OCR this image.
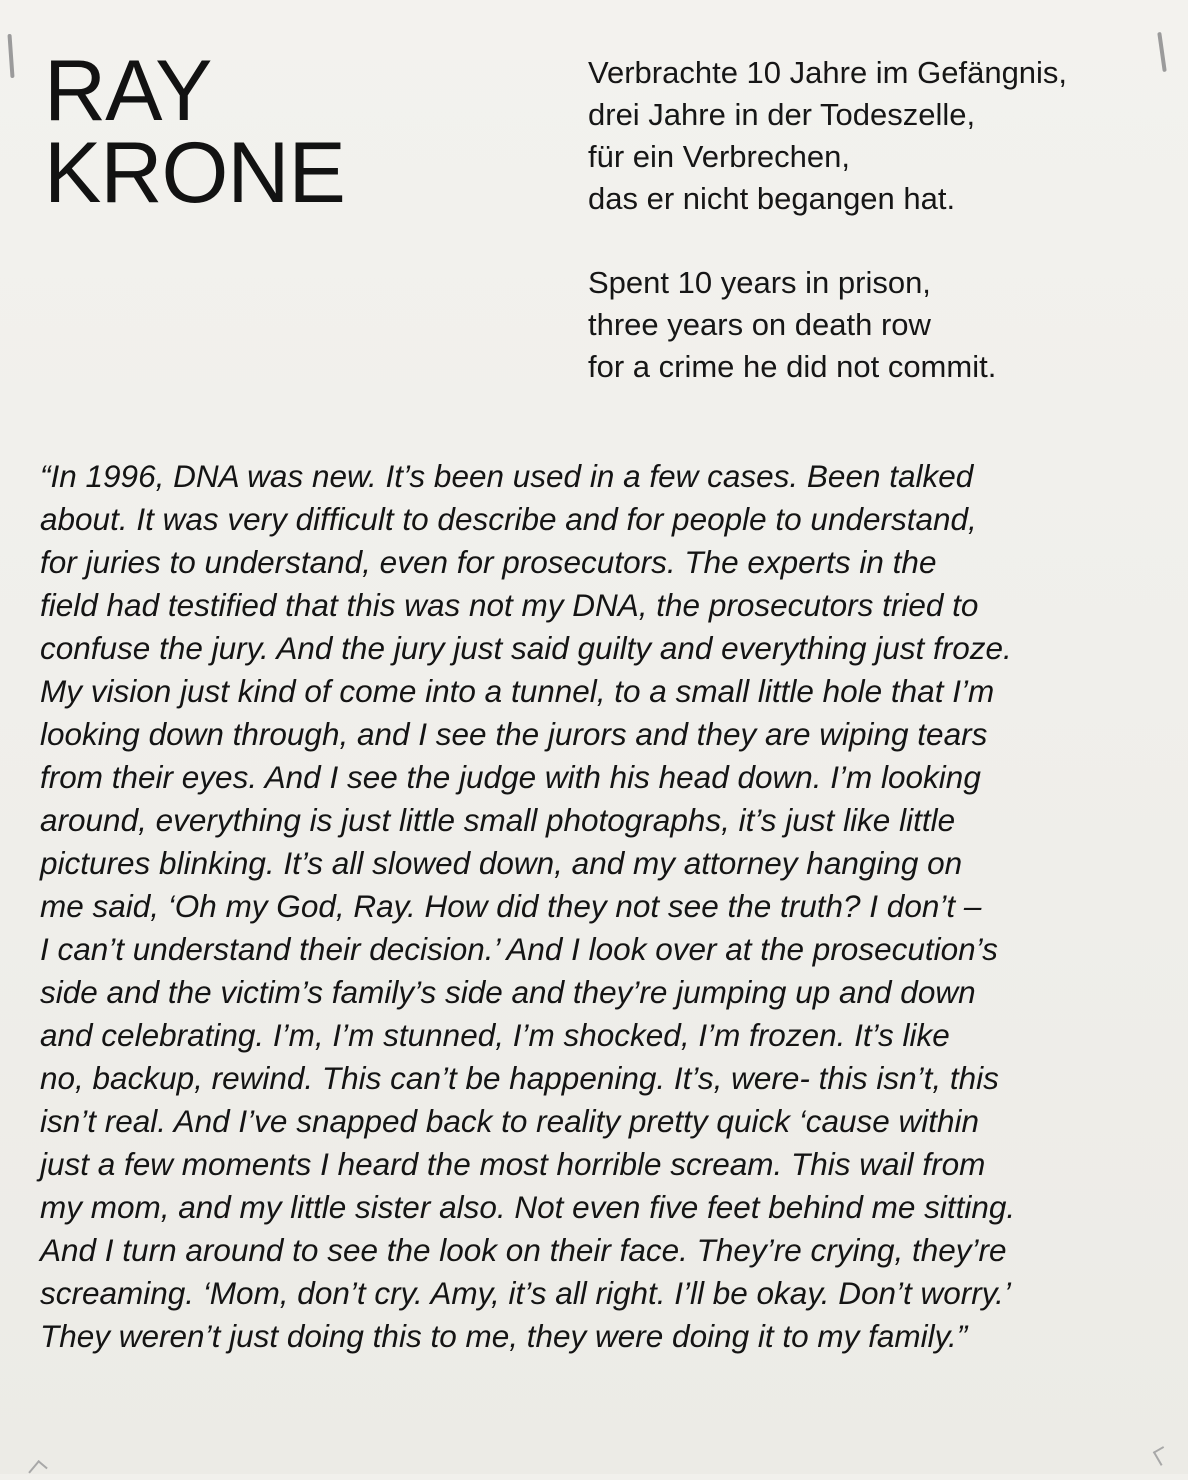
RAY
KRONE
Verbrachte 10 Jahre im Gefängnis,
drei Jahre in der Todeszelle,
für ein Verbrechen,
das er nicht begangen hat.
Spent 10 years in prison,
three years on death row
for a crime he did not commit.
“In 1996, DNA was new. It’s been used in a few cases. Been talked
about. It was very difficult to describe and for people to understand,
for juries to understand, even for prosecutors. The experts in the
field had testified that this was not my DNA, the prosecutors tried to
confuse the jury. And the jury just said guilty and everything just froze.
My vision just kind of come into a tunnel, to a small little hole that I’m
looking down through, and I see the jurors and they are wiping tears
from their eyes. And I see the judge with his head down. I’m looking
around, everything is just little small photographs, it’s just like little
pictures blinking. It’s all slowed down, and my attorney hanging on
me said, ‘Oh my God, Ray. How did they not see the truth? I don’t –
I can’t understand their decision.’ And I look over at the prosecution’s
side and the victim’s family’s side and they’re jumping up and down
and celebrating. I’m, I’m stunned, I’m shocked, I’m frozen. It’s like
no, backup, rewind. This can’t be happening. It’s, were- this isn’t, this
isn’t real. And I’ve snapped back to reality pretty quick ‘cause within
just a few moments I heard the most horrible scream. This wail from
my mom, and my little sister also. Not even five feet behind me sitting.
And I turn around to see the look on their face. They’re crying, they’re
screaming. ‘Mom, don’t cry. Amy, it’s all right. I’ll be okay. Don’t worry.’
They weren’t just doing this to me, they were doing it to my family.”
